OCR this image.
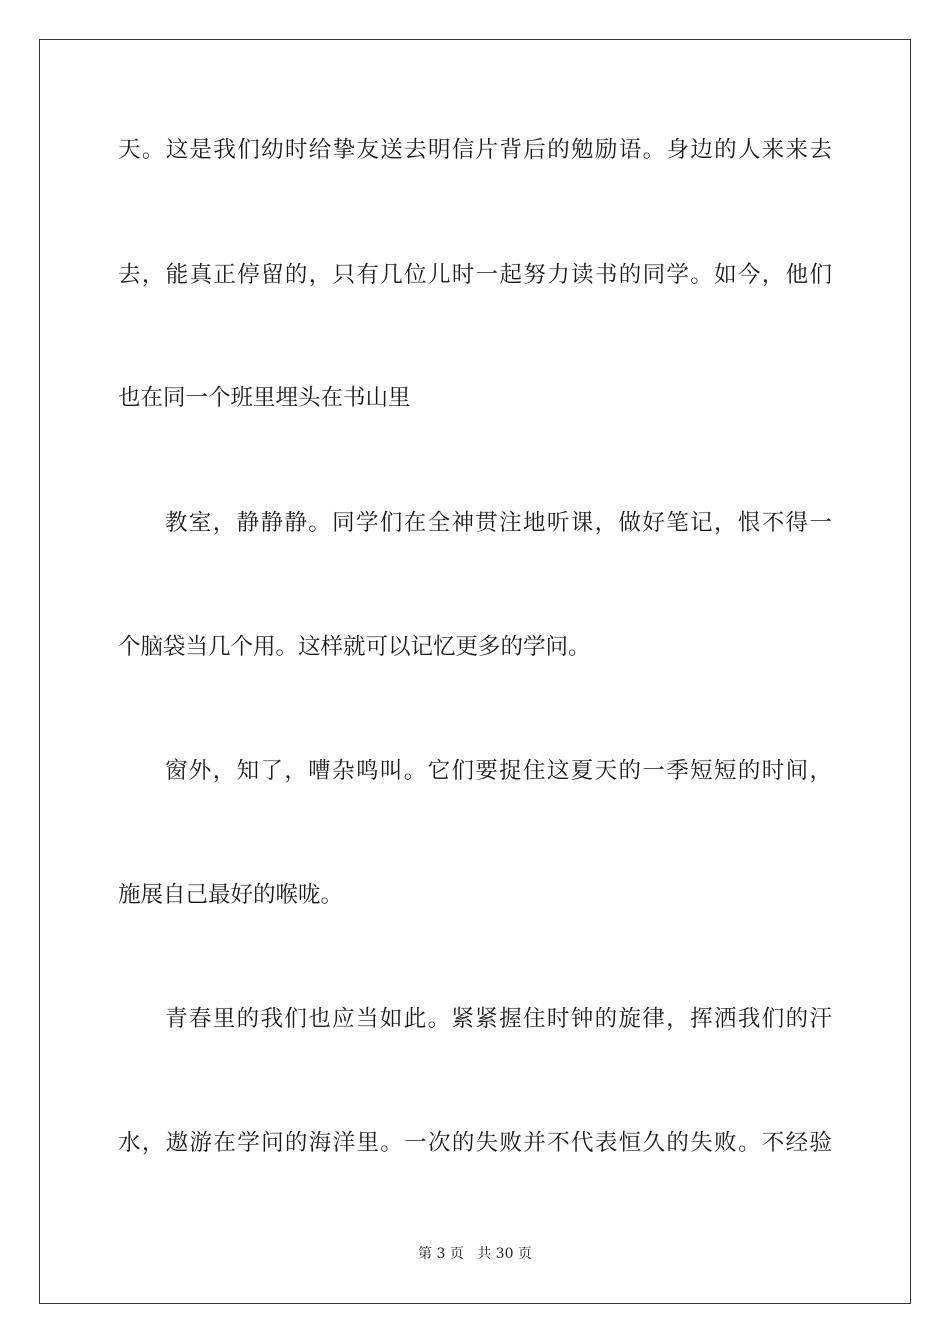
天。这是我们幼时给挚友送去明信片背后的勉励语。身边的人来来去
去，能真正停留的，只有几位儿时一起努力读书的同学。如今，他们
也在同一个班里埋头在书山里
教室，静静静。同学们在全神贯注地听课，做好笔记，恨不得一
个脑袋当几个用。这样就可以记忆更多的学问。
窗外，知了，嘈杂鸣叫。它们要捉住这夏天的一季短短的时间，
施展自己最好的喉咙。
青春里的我们也应当如此。紧紧握住时钟的旋律，挥洒我们的汗
水，遨游在学问的海洋里。一次的失败并不代表恒久的失败。不经验
第 3 页 共 30 页
